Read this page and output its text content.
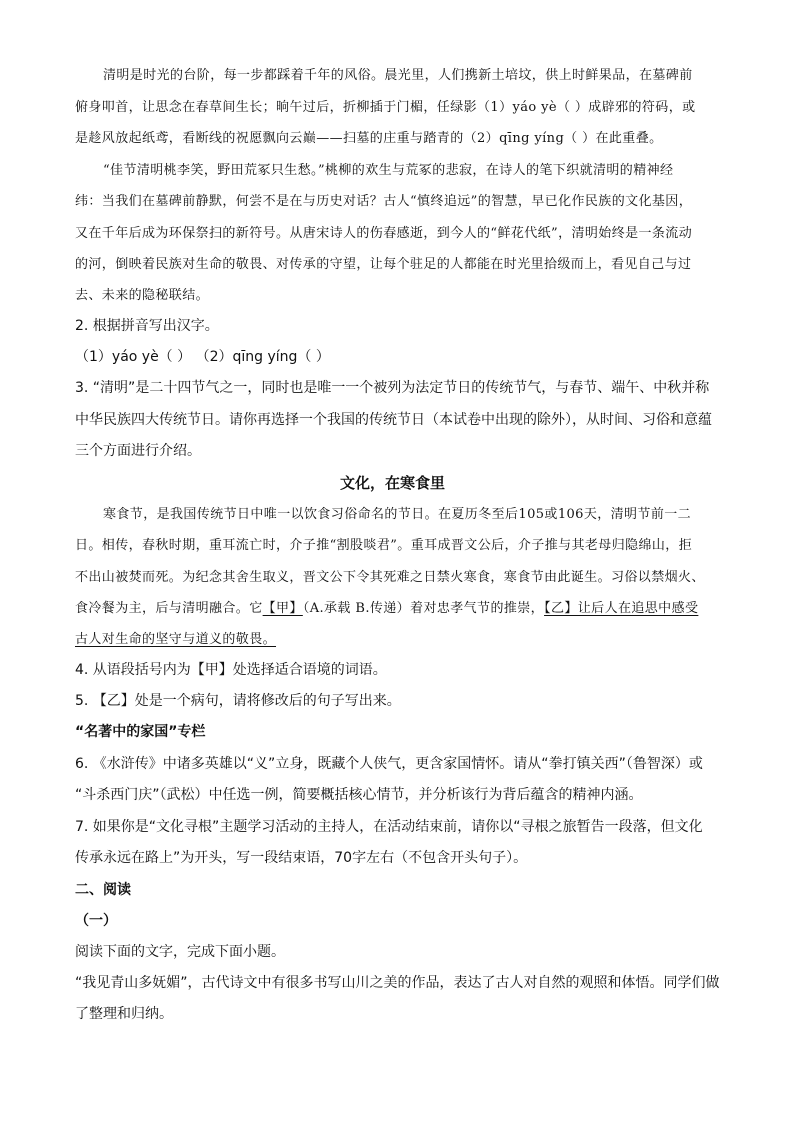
清明是时光的台阶，每一步都踩着千年的风俗。晨光里，人们携新土培坟，供上时鲜果品，在墓碑前
俯身叩首，让思念在春草间生长；晌午过后，折柳插于门楣，任绿影（1）yáo yè（ ）成辟邪的符码，或
是趁风放起纸鸢，看断线的祝愿飘向云巅——扫墓的庄重与踏青的（2）qīng yíng（ ）在此重叠。
“佳节清明桃李笑，野田荒冢只生愁。”桃柳的欢生与荒冢的悲寂，在诗人的笔下织就清明的精神经
纬：当我们在墓碑前静默，何尝不是在与历史对话？古人“慎终追远”的智慧，早已化作民族的文化基因，
又在千年后成为环保祭扫的新符号。从唐宋诗人的伤春感逝，到今人的“鲜花代纸”，清明始终是一条流动
的河，倒映着民族对生命的敬畏、对传承的守望，让每个驻足的人都能在时光里拾级而上，看见自己与过
去、未来的隐秘联结。
2. 根据拼音写出汉字。
（1）yáo yè（ ） （2）qīng yíng（ ）
3. “清明”是二十四节气之一，同时也是唯一一个被列为法定节日的传统节气，与春节、端午、中秋并称
中华民族四大传统节日。请你再选择一个我国的传统节日（本试卷中出现的除外），从时间、习俗和意蕴
三个方面进行介绍。
文化，在寒食里
寒食节，是我国传统节日中唯一以饮食习俗命名的节日。在夏历冬至后105或106天，清明节前一二
日。相传，春秋时期，重耳流亡时，介子推“割股啖君”。重耳成晋文公后，介子推与其老母归隐绵山，拒
不出山被焚而死。为纪念其舍生取义，晋文公下令其死难之日禁火寒食，寒食节由此诞生。习俗以禁烟火、
食冷餐为主，后与清明融合。它【甲】（A.承载 B.传递）着对忠孝气节的推崇，【乙】让后人在追思中感受
古人对生命的坚守与道义的敬畏。
4. 从语段括号内为【甲】处选择适合语境的词语。
5. 【乙】处是一个病句，请将修改后的句子写出来。
“名著中的家国”专栏
6. 《水浒传》中诸多英雄以“义”立身，既藏个人侠气，更含家国情怀。请从“拳打镇关西”（鲁智深）或
“斗杀西门庆”（武松）中任选一例，简要概括核心情节，并分析该行为背后蕴含的精神内涵。
7. 如果你是“文化寻根”主题学习活动的主持人，在活动结束前，请你以“寻根之旅暂告一段落，但文化
传承永远在路上”为开头，写一段结束语，70字左右（不包含开头句子）。
二、阅读
（一）
阅读下面的文字，完成下面小题。
“我见青山多妩媚”，古代诗文中有很多书写山川之美的作品，表达了古人对自然的观照和体悟。同学们做
了整理和归纳。
